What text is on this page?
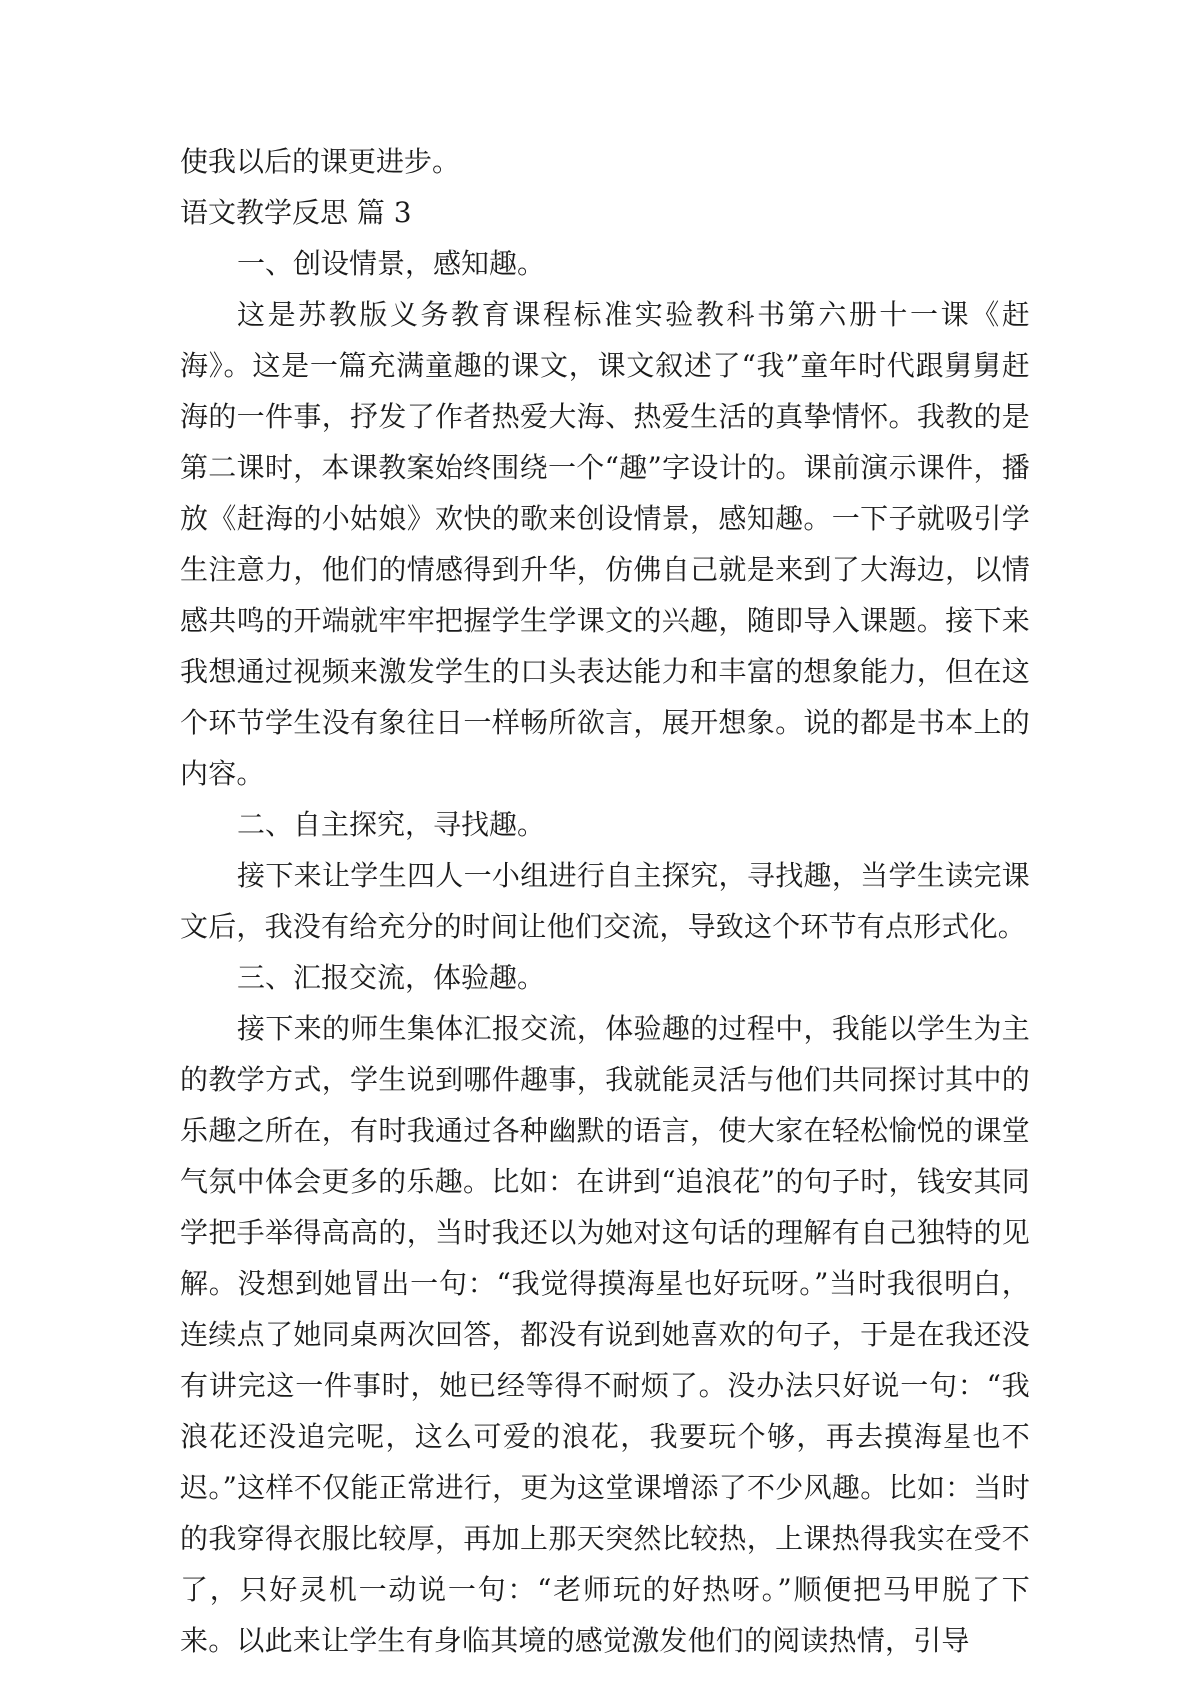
使我以后的课更进步。

语文教学反思 篇 3

一、创设情景，感知趣。

这是苏教版义务教育课程标准实验教科书第六册十一课《赶海》。这是一篇充满童趣的课文，课文叙述了“我”童年时代跟舅舅赶海的一件事，抒发了作者热爱大海、热爱生活的真挚情怀。我教的是第二课时，本课教案始终围绕一个“趣”字设计的。课前演示课件，播放《赶海的小姑娘》欢快的歌来创设情景，感知趣。一下子就吸引学生注意力，他们的情感得到升华，仿佛自己就是来到了大海边，以情感共鸣的开端就牢牢把握学生学课文的兴趣，随即导入课题。接下来我想通过视频来激发学生的口头表达能力和丰富的想象能力，但在这个环节学生没有象往日一样畅所欲言，展开想象。说的都是书本上的内容。

二、自主探究，寻找趣。

接下来让学生四人一小组进行自主探究，寻找趣，当学生读完课文后，我没有给充分的时间让他们交流，导致这个环节有点形式化。

三、汇报交流，体验趣。

接下来的师生集体汇报交流，体验趣的过程中，我能以学生为主的教学方式，学生说到哪件趣事，我就能灵活与他们共同探讨其中的乐趣之所在，有时我通过各种幽默的语言，使大家在轻松愉悦的课堂气氛中体会更多的乐趣。比如：在讲到“追浪花”的句子时，钱安其同学把手举得高高的，当时我还以为她对这句话的理解有自己独特的见解。没想到她冒出一句：“我觉得摸海星也好玩呀。”当时我很明白，连续点了她同桌两次回答，都没有说到她喜欢的句子，于是在我还没有讲完这一件事时，她已经等得不耐烦了。没办法只好说一句：“我浪花还没追完呢，这么可爱的浪花，我要玩个够，再去摸海星也不迟。”这样不仅能正常进行，更为这堂课增添了不少风趣。比如：当时的我穿得衣服比较厚，再加上那天突然比较热，上课热得我实在受不了，只好灵机一动说一句：“老师玩的好热呀。”顺便把马甲脱了下来。以此来让学生有身临其境的感觉激发他们的阅读热情，引导
